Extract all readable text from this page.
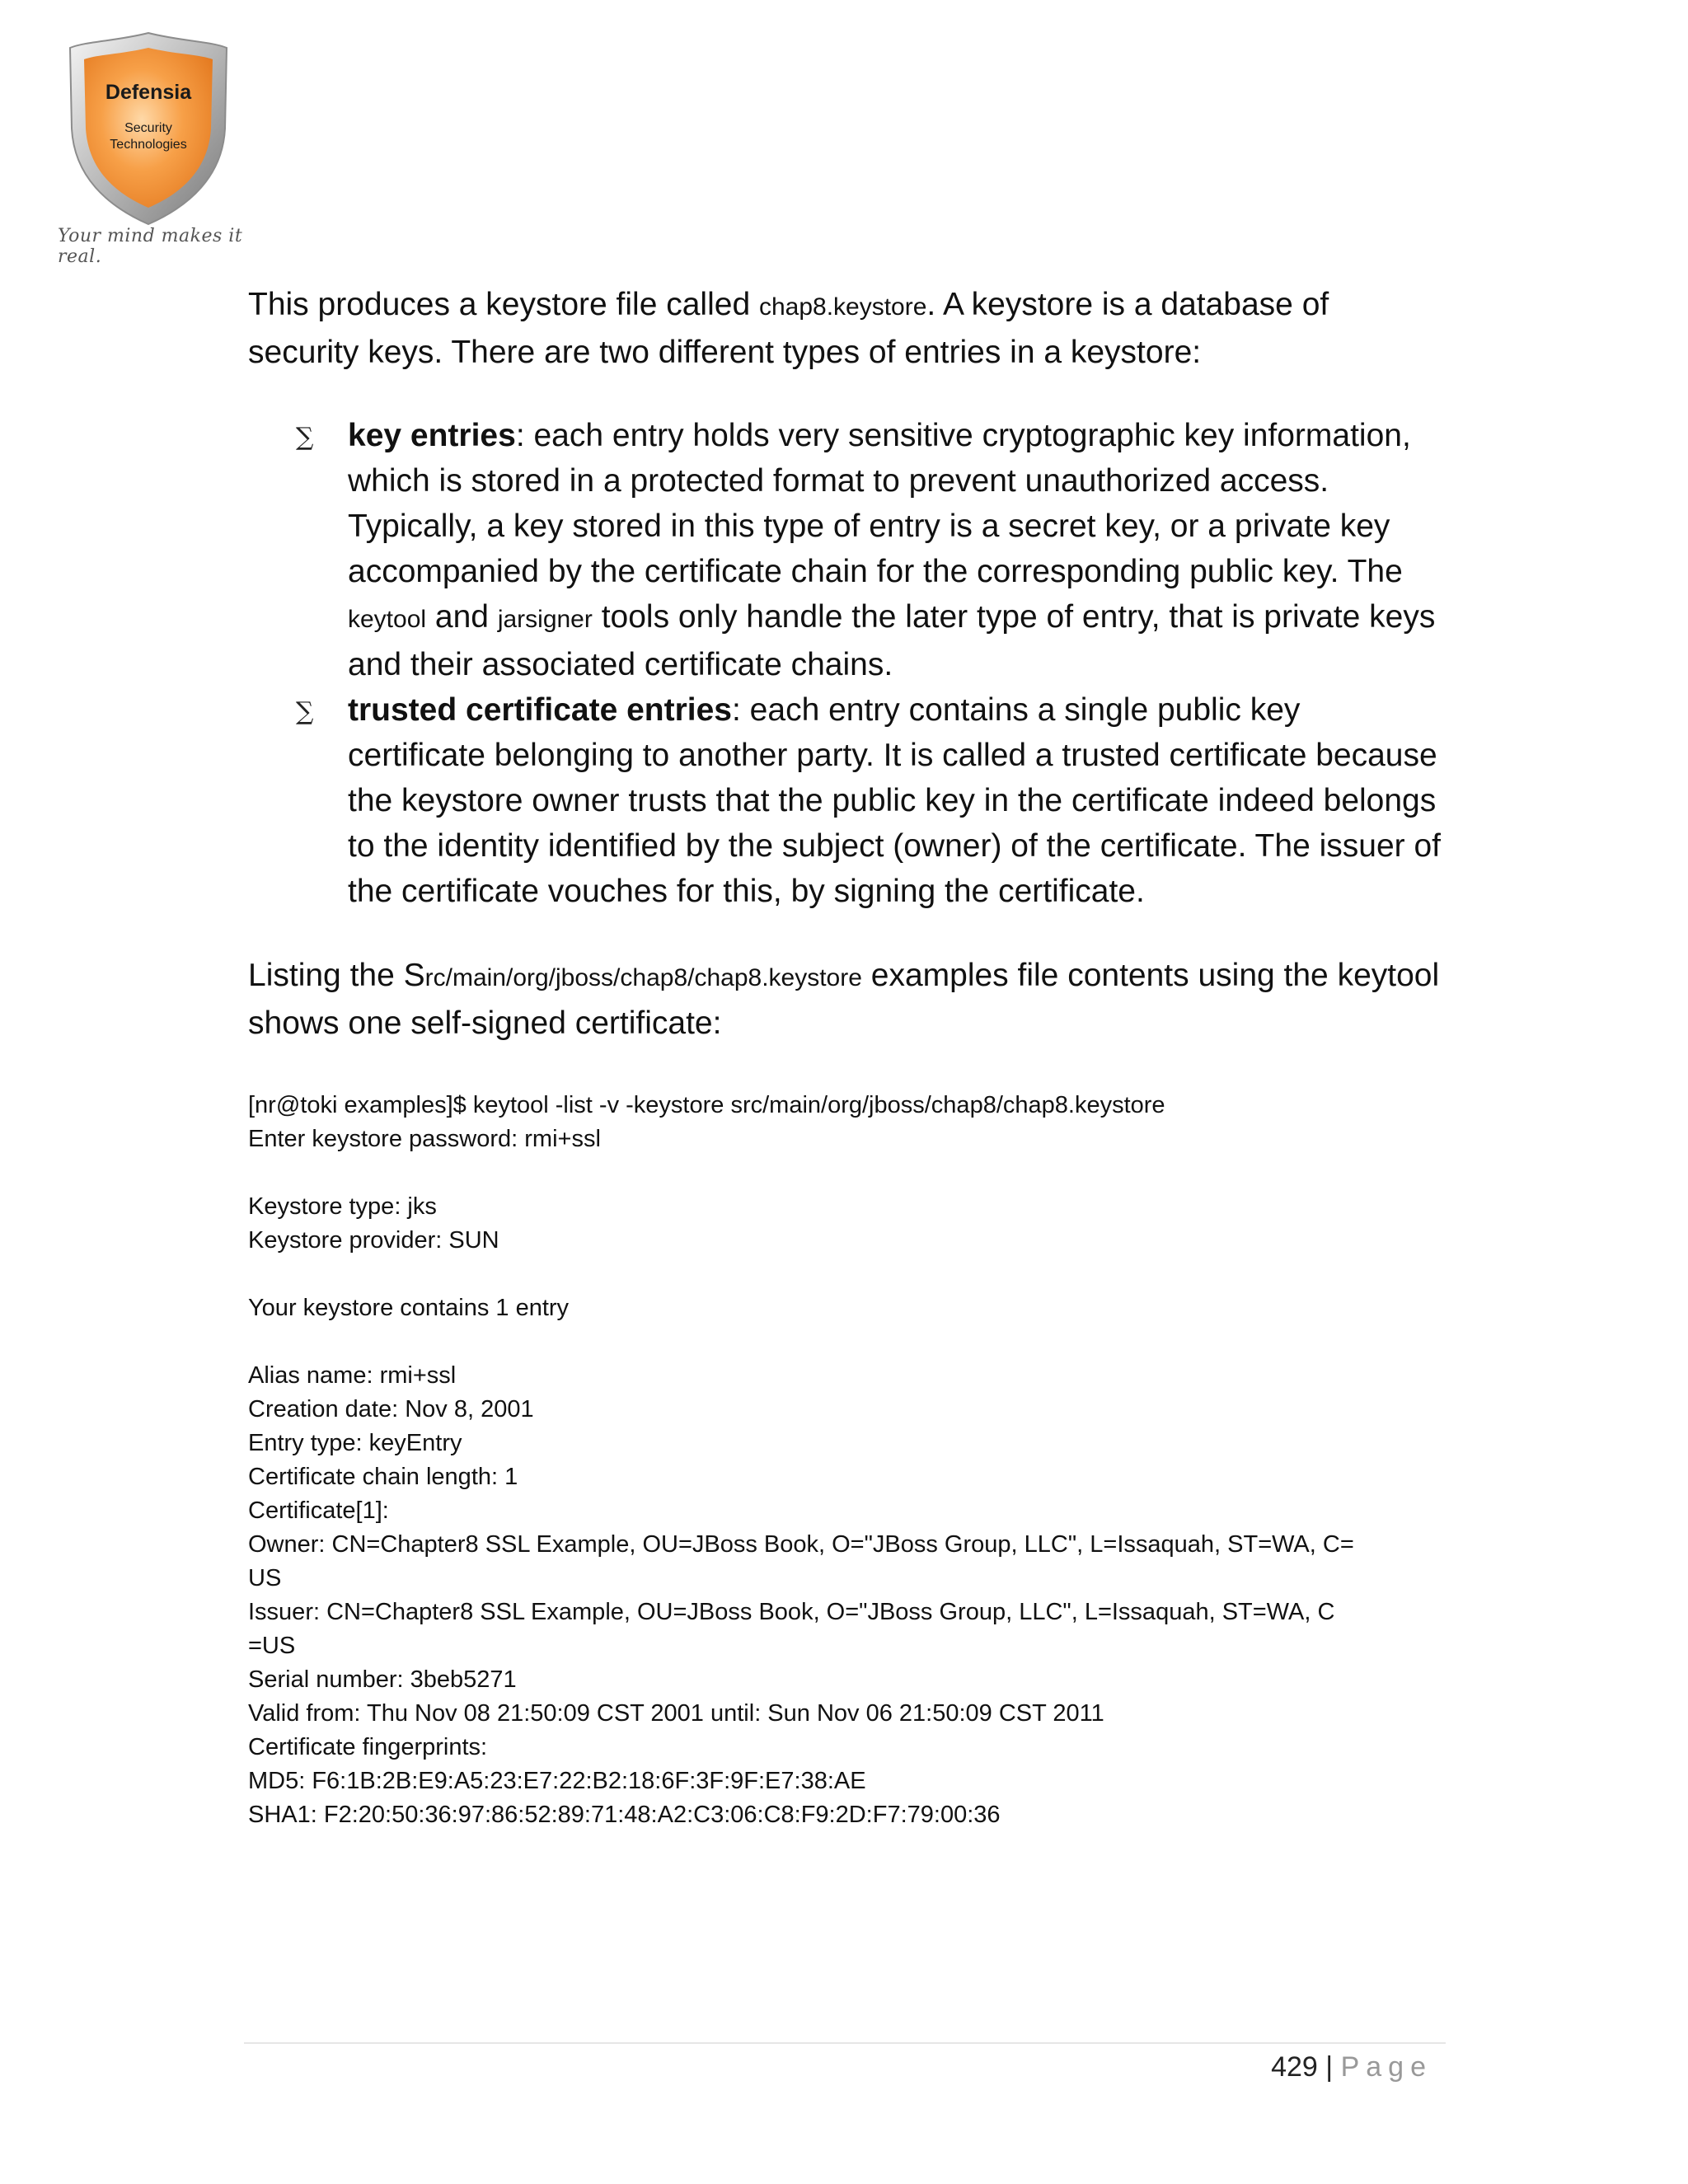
Defensia
Security
Technologies
Your mind makes it real.

This produces a keystore file called chap8.keystore. A keystore is a database of security keys. There are two different types of entries in a keystore:

∑ key entries: each entry holds very sensitive cryptographic key information, which is stored in a protected format to prevent unauthorized access. Typically, a key stored in this type of entry is a secret key, or a private key accompanied by the certificate chain for the corresponding public key. The keytool and jarsigner tools only handle the later type of entry, that is private keys and their associated certificate chains.
∑ trusted certificate entries: each entry contains a single public key certificate belonging to another party. It is called a trusted certificate because the keystore owner trusts that the public key in the certificate indeed belongs to the identity identified by the subject (owner) of the certificate. The issuer of the certificate vouches for this, by signing the certificate.

Listing the Src/main/org/jboss/chap8/chap8.keystore examples file contents using the keytool shows one self-signed certificate:

[nr@toki examples]$ keytool -list -v -keystore src/main/org/jboss/chap8/chap8.keystore
Enter keystore password: rmi+ssl
Keystore type: jks
Keystore provider: SUN
Your keystore contains 1 entry
Alias name: rmi+ssl
Creation date: Nov 8, 2001
Entry type: keyEntry
Certificate chain length: 1
Certificate[1]:
Owner: CN=Chapter8 SSL Example, OU=JBoss Book, O="JBoss Group, LLC", L=Issaquah, ST=WA, C=
US
Issuer: CN=Chapter8 SSL Example, OU=JBoss Book, O="JBoss Group, LLC", L=Issaquah, ST=WA, C
=US
Serial number: 3beb5271
Valid from: Thu Nov 08 21:50:09 CST 2001 until: Sun Nov 06 21:50:09 CST 2011
Certificate fingerprints:
MD5: F6:1B:2B:E9:A5:23:E7:22:B2:18:6F:3F:9F:E7:38:AE
SHA1: F2:20:50:36:97:86:52:89:71:48:A2:C3:06:C8:F9:2D:F7:79:00:36
429 | Page
